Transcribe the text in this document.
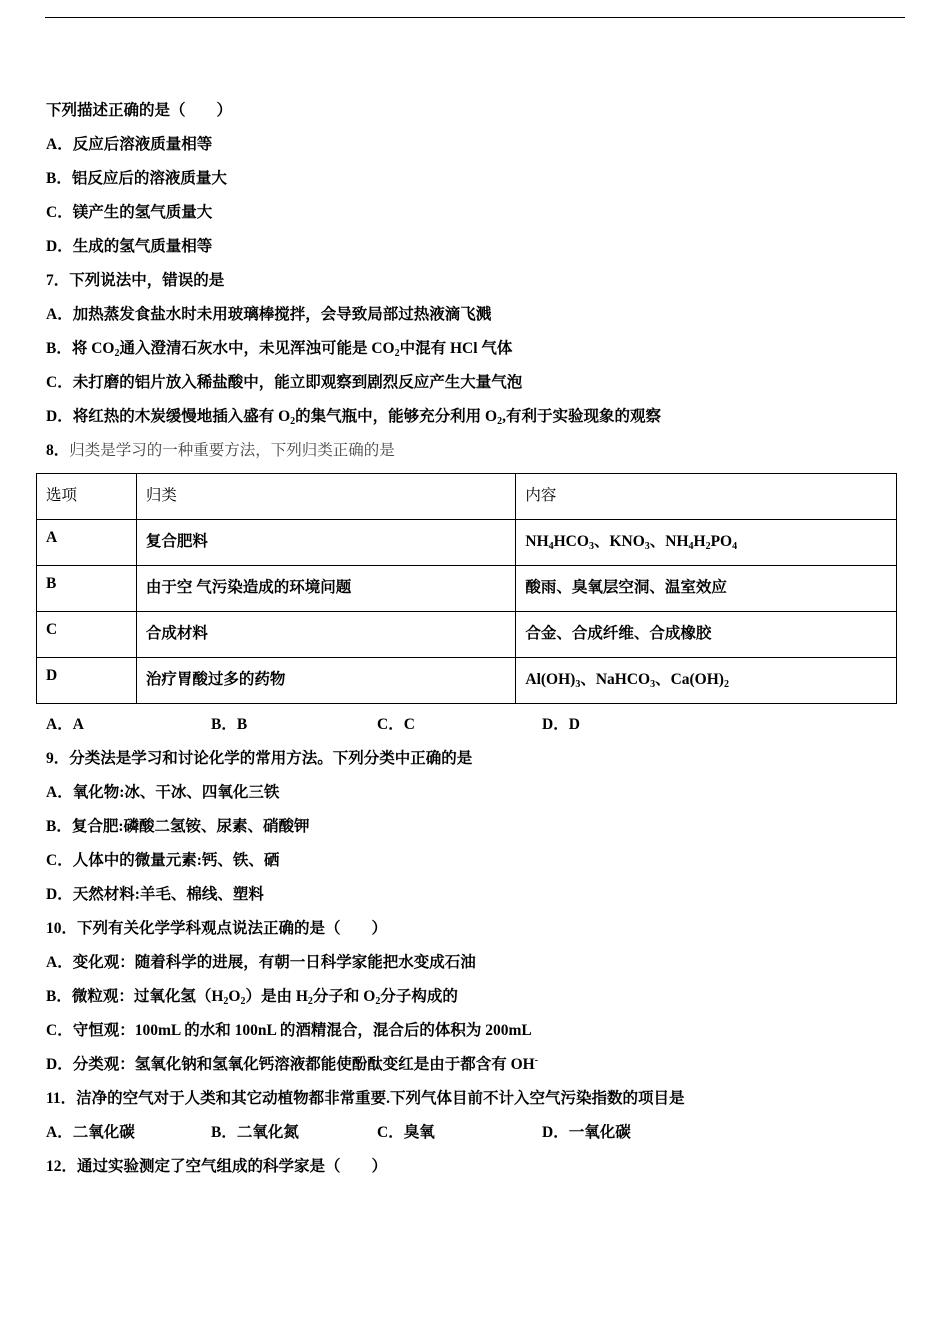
下列描述正确的是（　　）
A．反应后溶液质量相等
B．铝反应后的溶液质量大
C．镁产生的氢气质量大
D．生成的氢气质量相等
7．下列说法中，错误的是
A．加热蒸发食盐水时未用玻璃棒搅拌，会导致局部过热液滴飞溅
B．将 $CO_2$通入澄清石灰水中，未见浑浊可能是 $CO_2$中混有 HCl 气体
C．未打磨的铝片放入稀盐酸中，能立即观察到剧烈反应产生大量气泡
D．将红热的木炭缓慢地插入盛有 $O_2$的集气瓶中，能够充分利用 $O_2$,有利于实验现象的观察
8．归类是学习的一种重要方法，下列归类正确的是
选项	归类	内容
A	复合肥料	$NH_4HCO_3$、$KNO_3$、$NH_4H_2PO_4$
B	由于空 气污染造成的环境问题	酸雨、臭氧层空洞、温室效应
C	合成材料	合金、合成纤维、合成橡胶
D	治疗胃酸过多的药物	$Al(OH)_3$、NaHCO$_3$、$Ca(OH)_2$
A．A	B．B	C．C	D．D
9．分类法是学习和讨论化学的常用方法。下列分类中正确的是
A．氧化物:冰、干冰、四氧化三铁
B．复合肥:磷酸二氢铵、尿素、硝酸钾
C．人体中的微量元素:钙、铁、硒
D．天然材料:羊毛、棉线、塑料
10．下列有关化学学科观点说法正确的是（　　）
A．变化观：随着科学的进展，有朝一日科学家能把水变成石油
B．微粒观：过氧化氢$(H_2O_2)$是由 $H_2$分子和 $O_2$分子构成的
C．守恒观：100mL 的水和 100nL 的酒精混合，混合后的体积为 200mL
D．分类观：氢氧化钠和氢氧化钙溶液都能使酚酞变红是由于都含有 OH-
11．洁净的空气对于人类和其它动植物都非常重要.下列气体目前不计入空气污染指数的项目是
A．二氧化碳	B．二氧化氮	C．臭氧	D．一氧化碳
12．通过实验测定了空气组成的科学家是（　　）
